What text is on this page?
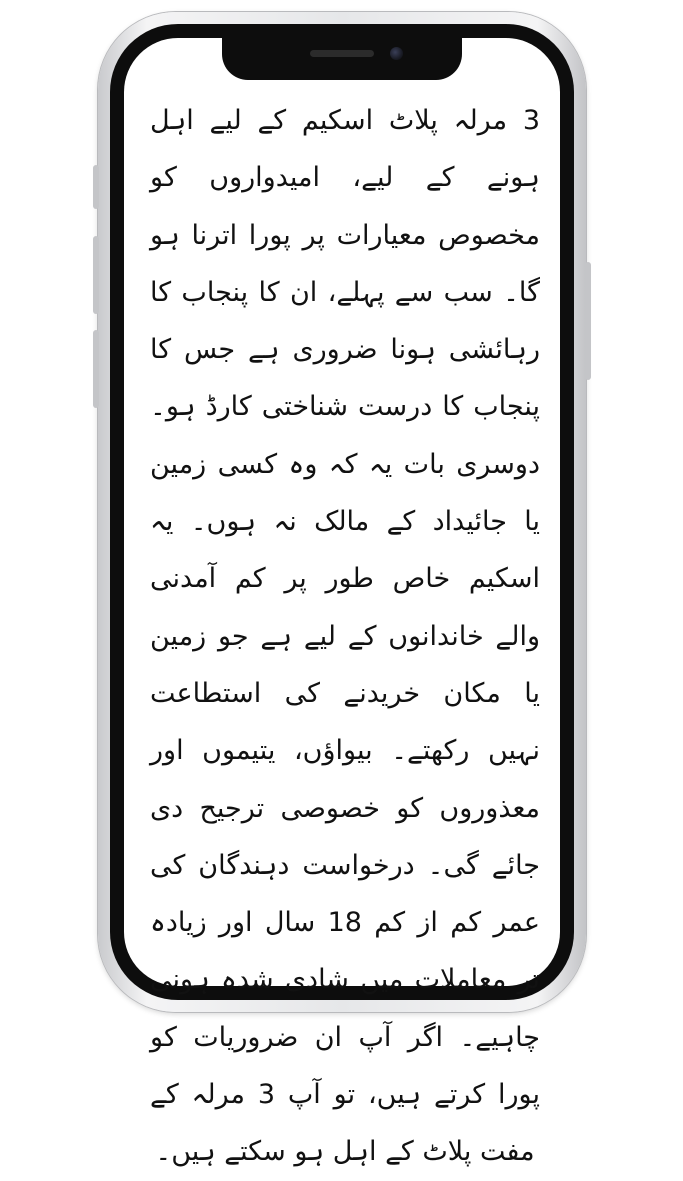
3 مرلہ پلاٹ اسکیم کے لیے اہل ہونے کے لیے، امیدواروں کو مخصوص معیارات پر پورا اترنا ہو گا۔ سب سے پہلے، ان کا پنجاب کا رہائشی ہونا ضروری ہے جس کا پنجاب کا درست شناختی کارڈ ہو۔ دوسری بات یہ کہ وہ کسی زمین یا جائیداد کے مالک نہ ہوں۔ یہ اسکیم خاص طور پر کم آمدنی والے خاندانوں کے لیے ہے جو زمین یا مکان خریدنے کی استطاعت نہیں رکھتے۔ بیواؤں، یتیموں اور معذوروں کو خصوصی ترجیح دی جائے گی۔ درخواست دہندگان کی عمر کم از کم 18 سال اور زیادہ تر معاملات میں شادی شدہ ہونی چاہیے۔ اگر آپ ان ضروریات کو پورا کرتے ہیں، تو آپ 3 مرلہ کے مفت پلاٹ کے اہل ہو سکتے ہیں۔
